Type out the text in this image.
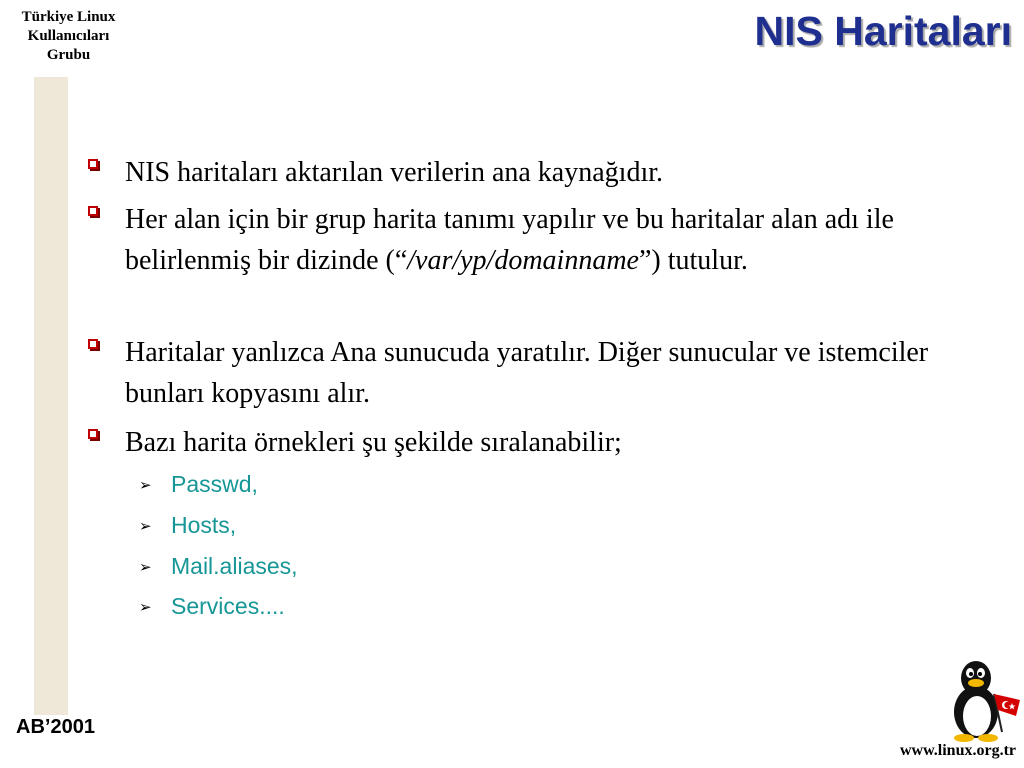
Türkiye Linux
Kullanıcıları
Grubu
NIS Haritaları
NIS haritaları aktarılan verilerin ana kaynağıdır.
Her alan için bir grup harita tanımı yapılır ve bu haritalar alan adı ile belirlenmiş bir dizinde (“/var/yp/domainname”) tutulur.
Haritalar yanlızca Ana sunucuda yaratılır. Diğer sunucular ve istemciler bunları kopyasını alır.
Bazı harita örnekleri şu şekilde sıralanabilir;
➢ Passwd,
➢ Hosts,
➢ Mail.aliases,
➢ Services....
AB’2001
www.linux.org.tr
